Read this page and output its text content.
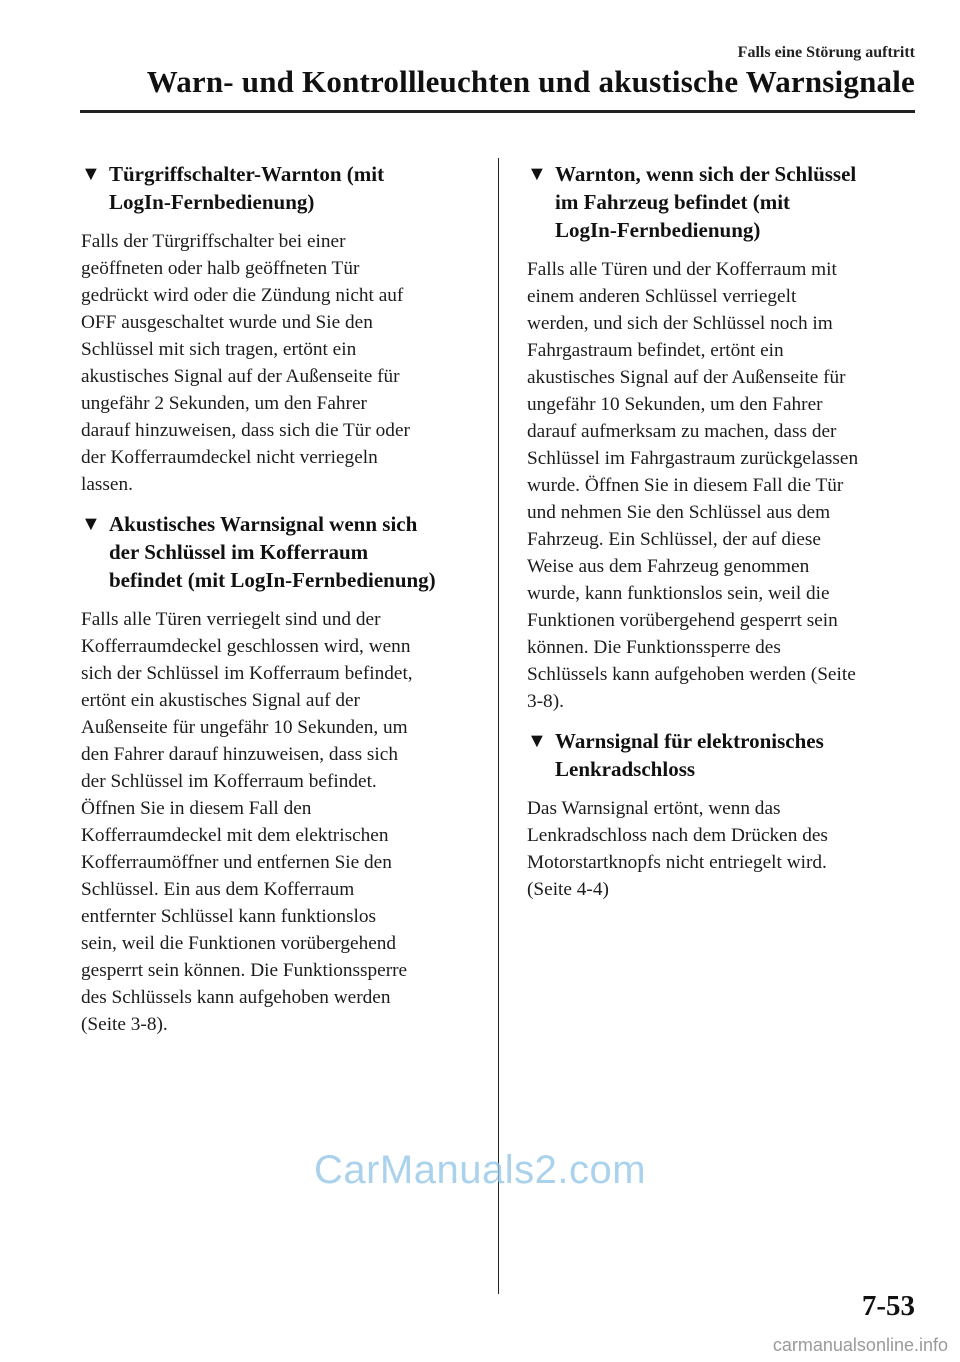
Falls eine Störung auftritt
Warn- und Kontrollleuchten und akustische Warnsignale
▼ Türgriffschalter-Warnton (mit
LogIn-Fernbedienung)

Falls der Türgriffschalter bei einer
geöffneten oder halb geöffneten Tür
gedrückt wird oder die Zündung nicht auf
OFF ausgeschaltet wurde und Sie den
Schlüssel mit sich tragen, ertönt ein
akustisches Signal auf der Außenseite für
ungefähr 2 Sekunden, um den Fahrer
darauf hinzuweisen, dass sich die Tür oder
der Kofferraumdeckel nicht verriegeln
lassen.

▼ Akustisches Warnsignal wenn sich
der Schlüssel im Kofferraum
befindet (mit LogIn-Fernbedienung)

Falls alle Türen verriegelt sind und der
Kofferraumdeckel geschlossen wird, wenn
sich der Schlüssel im Kofferraum befindet,
ertönt ein akustisches Signal auf der
Außenseite für ungefähr 10 Sekunden, um
den Fahrer darauf hinzuweisen, dass sich
der Schlüssel im Kofferraum befindet.
Öffnen Sie in diesem Fall den
Kofferraumdeckel mit dem elektrischen
Kofferraumöffner und entfernen Sie den
Schlüssel. Ein aus dem Kofferraum
entfernter Schlüssel kann funktionslos
sein, weil die Funktionen vorübergehend
gesperrt sein können. Die Funktionssperre
des Schlüssels kann aufgehoben werden
(Seite 3-8).

▼ Warnton, wenn sich der Schlüssel
im Fahrzeug befindet (mit
LogIn-Fernbedienung)

Falls alle Türen und der Kofferraum mit
einem anderen Schlüssel verriegelt
werden, und sich der Schlüssel noch im
Fahrgastraum befindet, ertönt ein
akustisches Signal auf der Außenseite für
ungefähr 10 Sekunden, um den Fahrer
darauf aufmerksam zu machen, dass der
Schlüssel im Fahrgastraum zurückgelassen
wurde. Öffnen Sie in diesem Fall die Tür
und nehmen Sie den Schlüssel aus dem
Fahrzeug. Ein Schlüssel, der auf diese
Weise aus dem Fahrzeug genommen
wurde, kann funktionslos sein, weil die
Funktionen vorübergehend gesperrt sein
können. Die Funktionssperre des
Schlüssels kann aufgehoben werden (Seite
3-8).

▼ Warnsignal für elektronisches
Lenkradschloss

Das Warnsignal ertönt, wenn das
Lenkradschloss nach dem Drücken des
Motorstartknopfs nicht entriegelt wird.
(Seite 4-4)

CarManuals2.com
7-53
carmanualsonline.info
